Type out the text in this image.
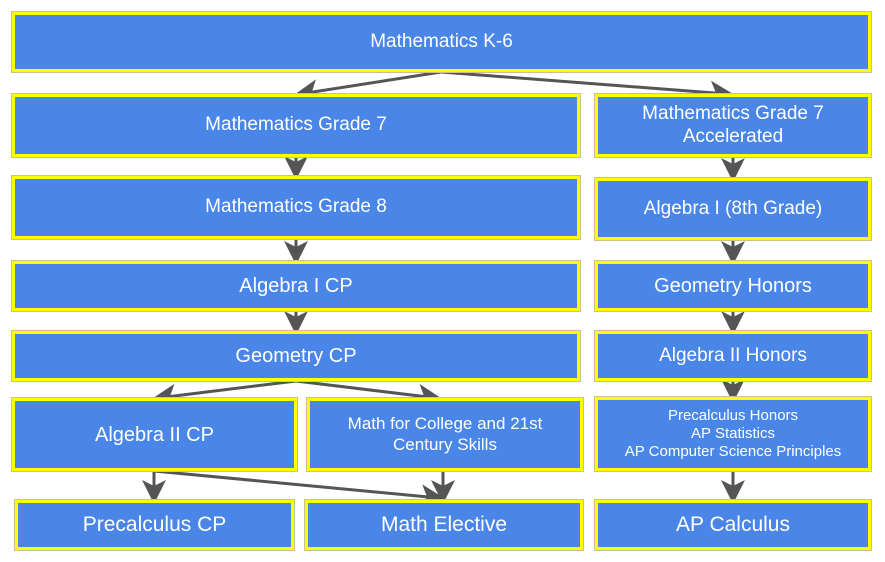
Mathematics K-6
Mathematics Grade 7
Mathematics Grade 7
Accelerated
Mathematics Grade 8	Algebra I (8th Grade)
Algebra I CP	Geometry Honors
Geometry CP	Algebra II Honors
Algebra II CP	Math for College and 21st
Century Skills
Precalculus Honors
AP Statistics
AP Computer Science Principles
Precalculus CP	Math Elective	AP Calculus
